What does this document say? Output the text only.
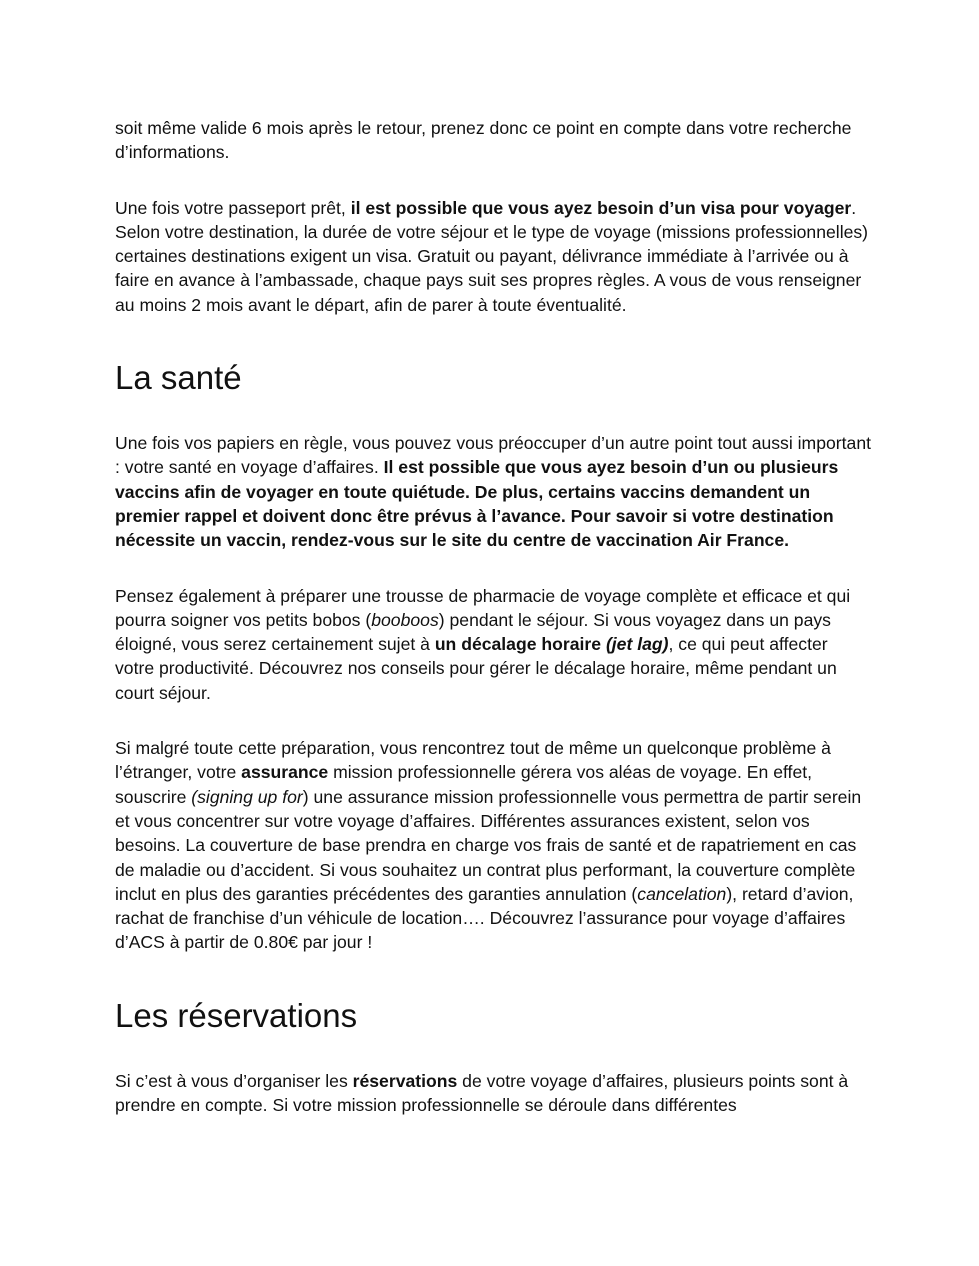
soit même valide 6 mois après le retour, prenez donc ce point en compte dans votre recherche d’informations.

Une fois votre passeport prêt, il est possible que vous ayez besoin d’un visa pour voyager. Selon votre destination, la durée de votre séjour et le type de voyage (missions professionnelles) certaines destinations exigent un visa. Gratuit ou payant, délivrance immédiate à l’arrivée ou à faire en avance à l’ambassade, chaque pays suit ses propres règles. A vous de vous renseigner au moins 2 mois avant le départ, afin de parer à toute éventualité.

La santé

Une fois vos papiers en règle, vous pouvez vous préoccuper d’un autre point tout aussi important : votre santé en voyage d’affaires. Il est possible que vous ayez besoin d’un ou plusieurs vaccins afin de voyager en toute quiétude. De plus, certains vaccins demandent un premier rappel et doivent donc être prévus à l’avance. Pour savoir si votre destination nécessite un vaccin, rendez-vous sur le site du centre de vaccination Air France.

Pensez également à préparer une trousse de pharmacie de voyage complète et efficace et qui pourra soigner vos petits bobos (booboos) pendant le séjour. Si vous voyagez dans un pays éloigné, vous serez certainement sujet à un décalage horaire (jet lag), ce qui peut affecter votre productivité. Découvrez nos conseils pour gérer le décalage horaire, même pendant un court séjour.

Si malgré toute cette préparation, vous rencontrez tout de même un quelconque problème à l’étranger, votre assurance mission professionnelle gérera vos aléas de voyage. En effet, souscrire (signing up for) une assurance mission professionnelle vous permettra de partir serein et vous concentrer sur votre voyage d’affaires. Différentes assurances existent, selon vos besoins. La couverture de base prendra en charge vos frais de santé et de rapatriement en cas de maladie ou d’accident. Si vous souhaitez un contrat plus performant, la couverture complète inclut en plus des garanties précédentes des garanties annulation (cancelation), retard d’avion, rachat de franchise d’un véhicule de location…. Découvrez l’assurance pour voyage d’affaires d’ACS à partir de 0.80€ par jour !

Les réservations

Si c’est à vous d’organiser les réservations de votre voyage d’affaires, plusieurs points sont à prendre en compte. Si votre mission professionnelle se déroule dans différentes
